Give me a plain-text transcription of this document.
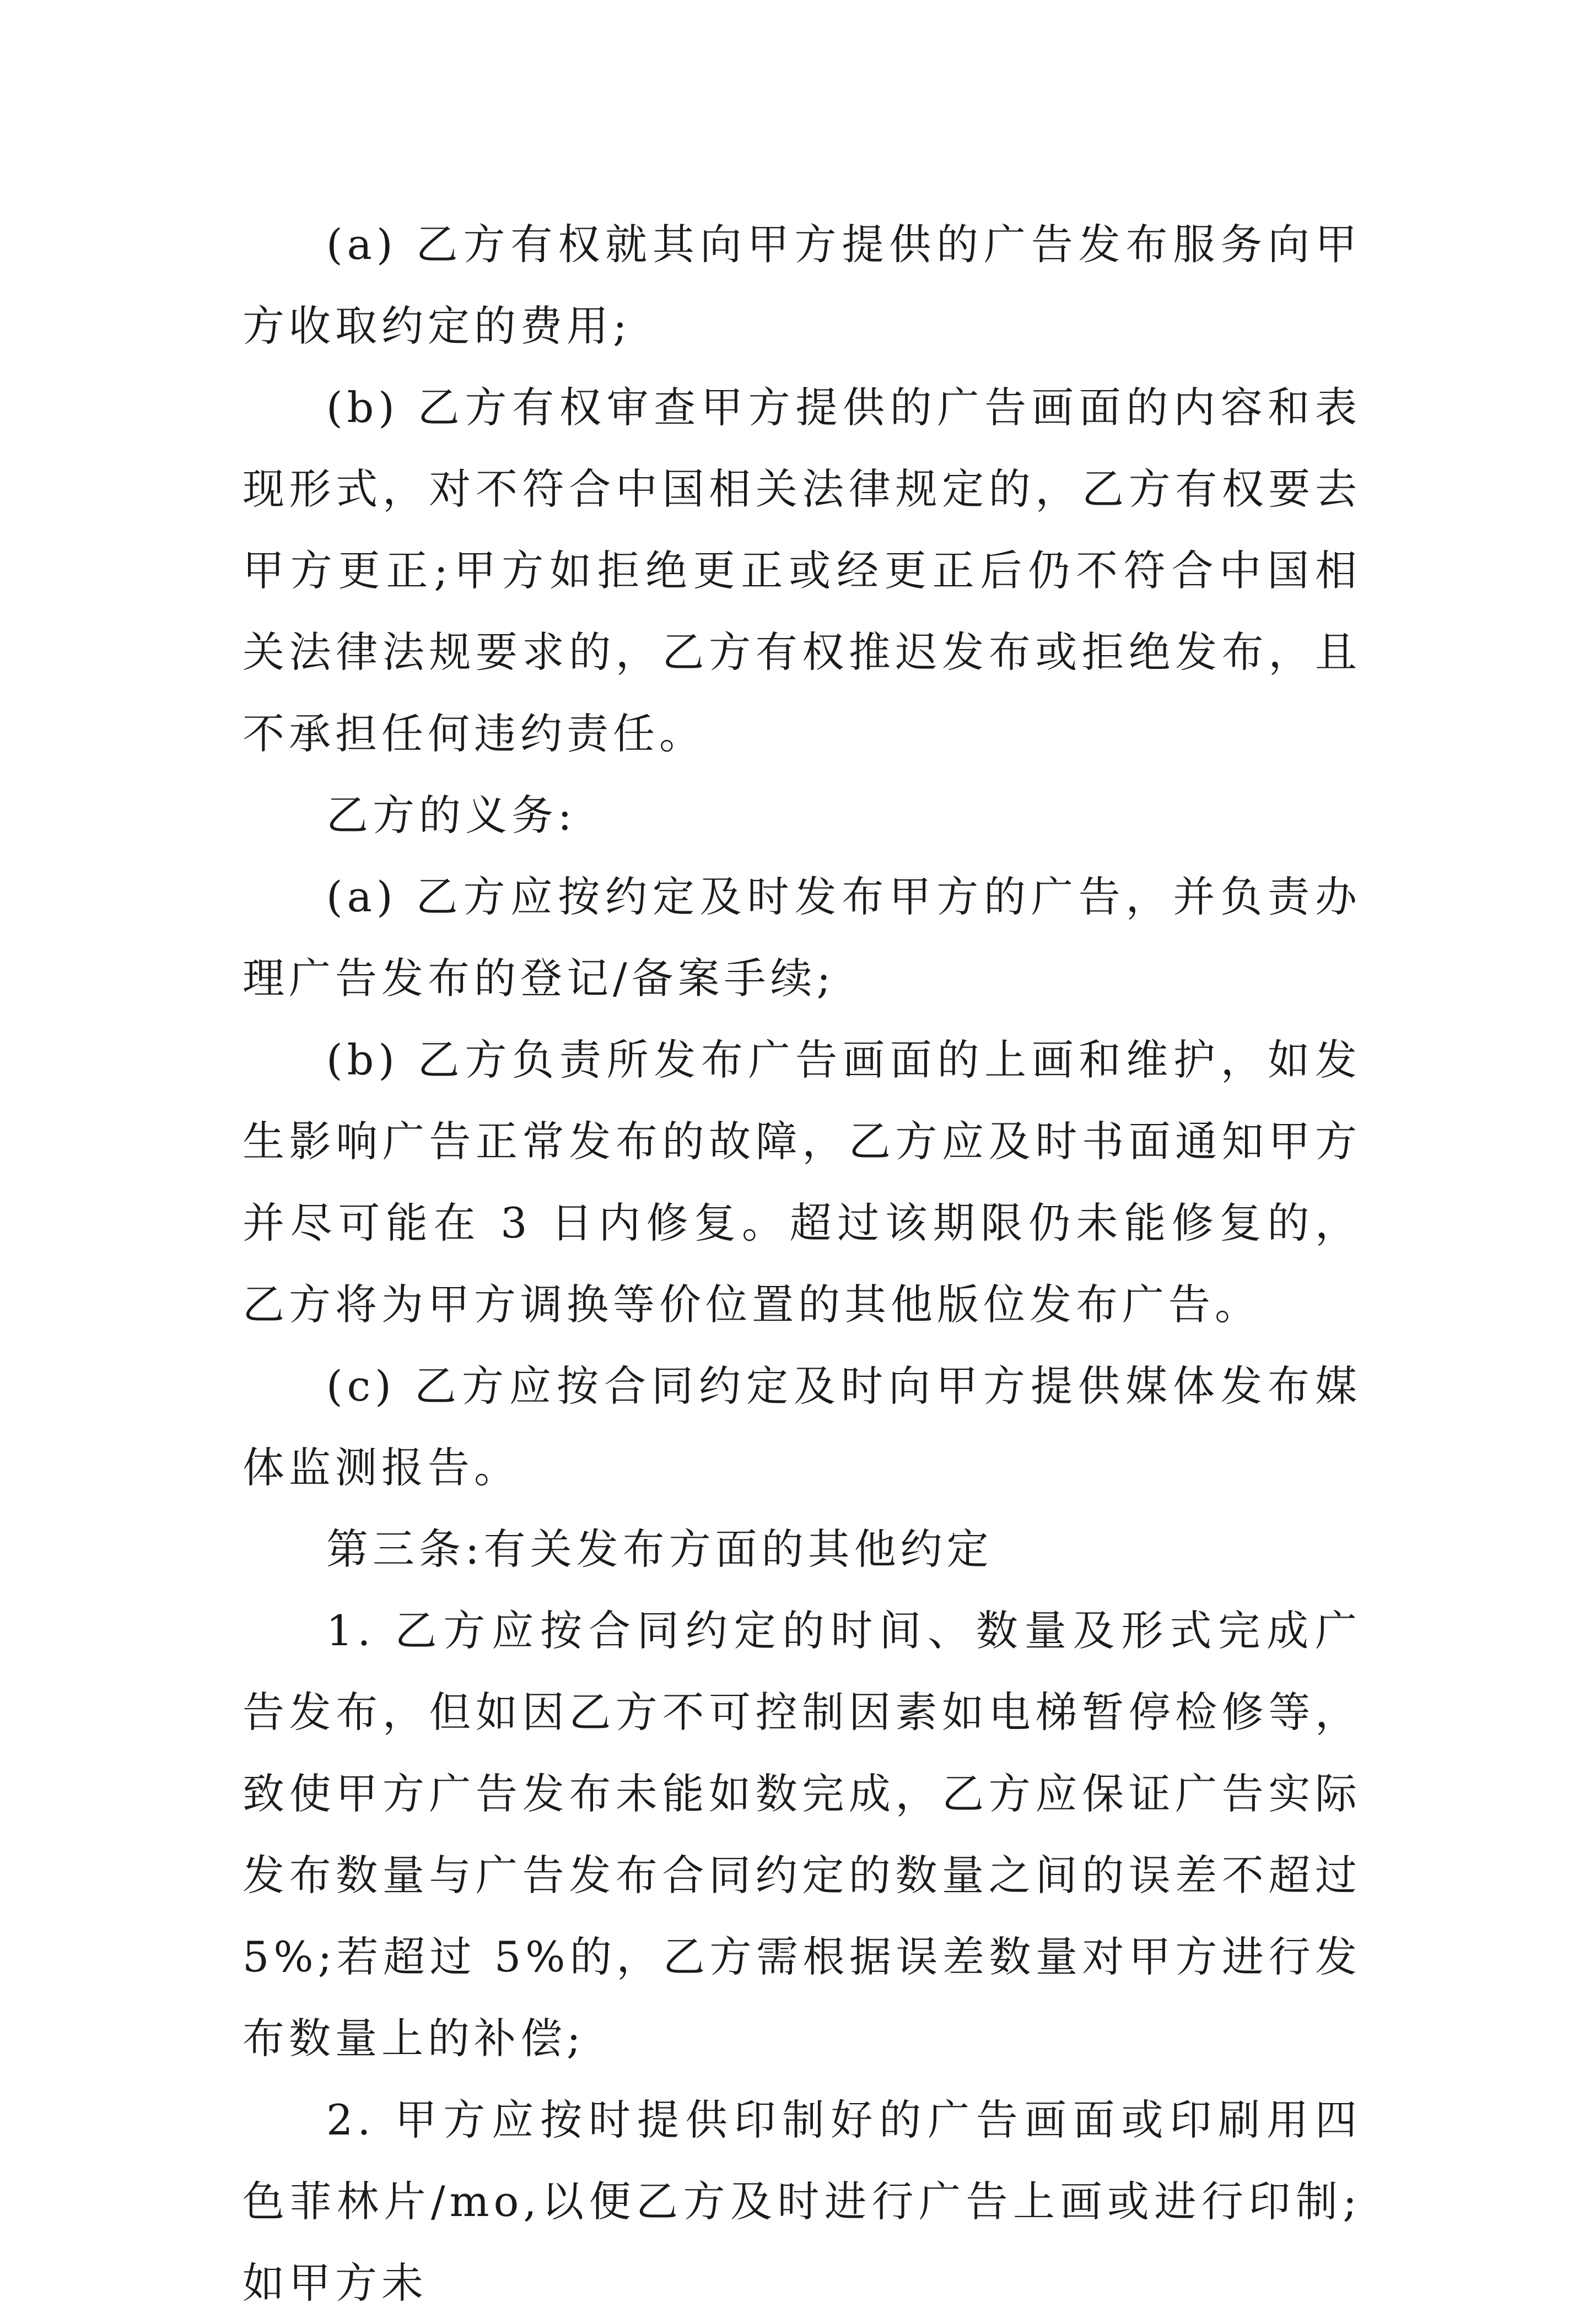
(a) 乙方有权就其向甲方提供的广告发布服务向甲方收取约定的费用;

(b) 乙方有权审查甲方提供的广告画面的内容和表现形式，对不符合中国相关法律规定的，乙方有权要去甲方更正;甲方如拒绝更正或经更正后仍不符合中国相关法律法规要求的，乙方有权推迟发布或拒绝发布，且不承担任何违约责任。

乙方的义务:

(a) 乙方应按约定及时发布甲方的广告，并负责办理广告发布的登记/备案手续;

(b) 乙方负责所发布广告画面的上画和维护，如发生影响广告正常发布的故障，乙方应及时书面通知甲方并尽可能在 3 日内修复。超过该期限仍未能修复的，乙方将为甲方调换等价位置的其他版位发布广告。

(c) 乙方应按合同约定及时向甲方提供媒体发布媒体监测报告。

第三条:有关发布方面的其他约定

1. 乙方应按合同约定的时间、数量及形式完成广告发布，但如因乙方不可控制因素如电梯暂停检修等，致使甲方广告发布未能如数完成，乙方应保证广告实际发布数量与广告发布合同约定的数量之间的误差不超过 5%;若超过 5%的，乙方需根据误差数量对甲方进行发布数量上的补偿;

2. 甲方应按时提供印制好的广告画面或印刷用四色菲林片/mo,以便乙方及时进行广告上画或进行印制;如甲方未
